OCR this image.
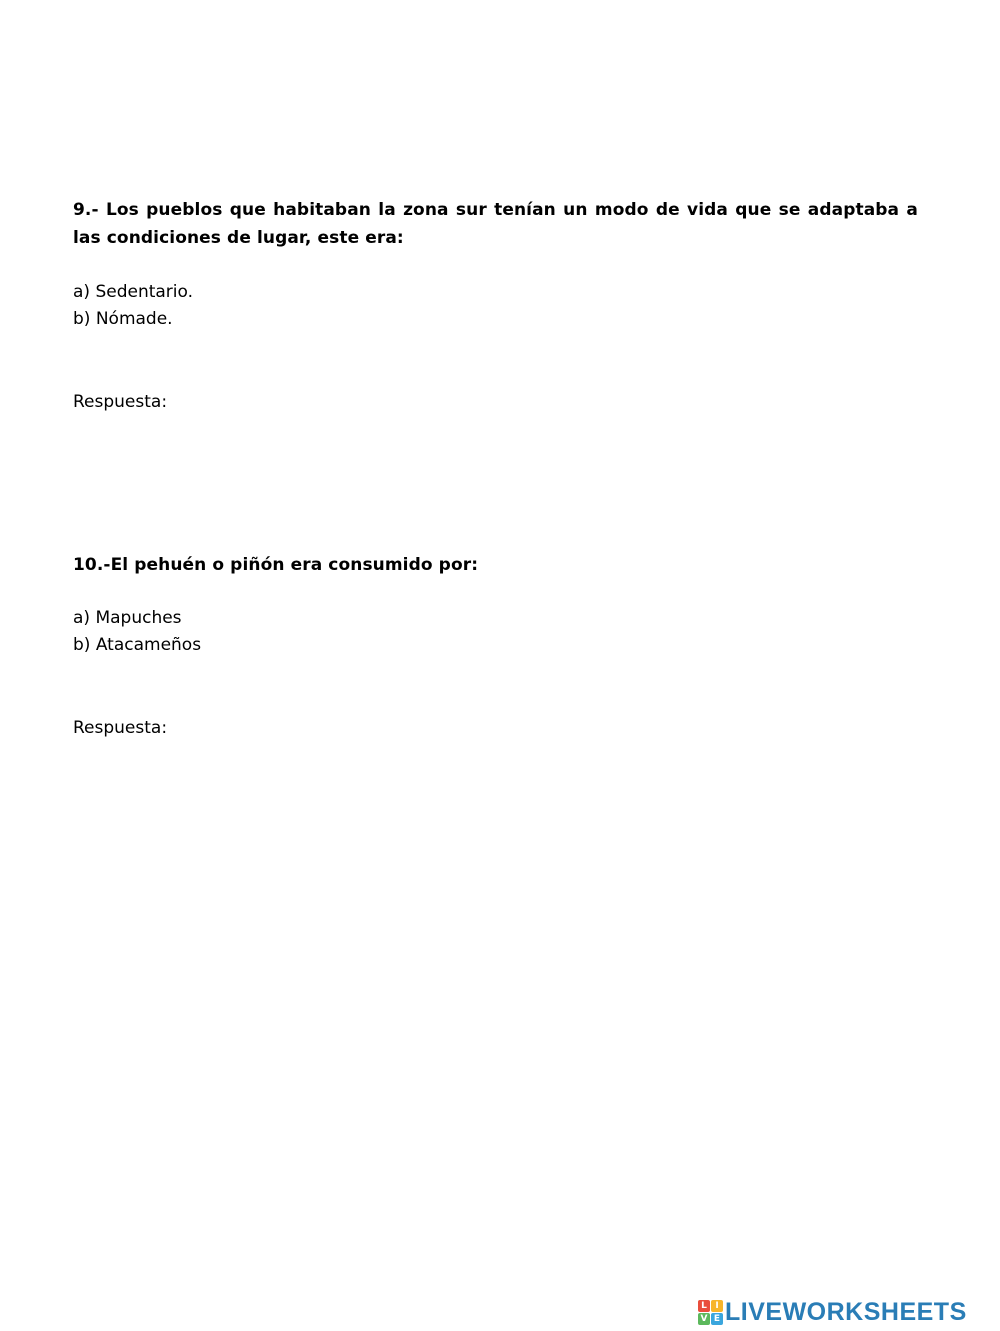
9.- Los pueblos que habitaban la zona sur tenían un modo de vida que se adaptaba a las condiciones de lugar, este era:
a) Sedentario.
b) Nómade.
Respuesta:
10.-El pehuén o piñón era consumido por:
a) Mapuches
b) Atacameños
Respuesta:
L I
V E LIVEWORKSHEETS
